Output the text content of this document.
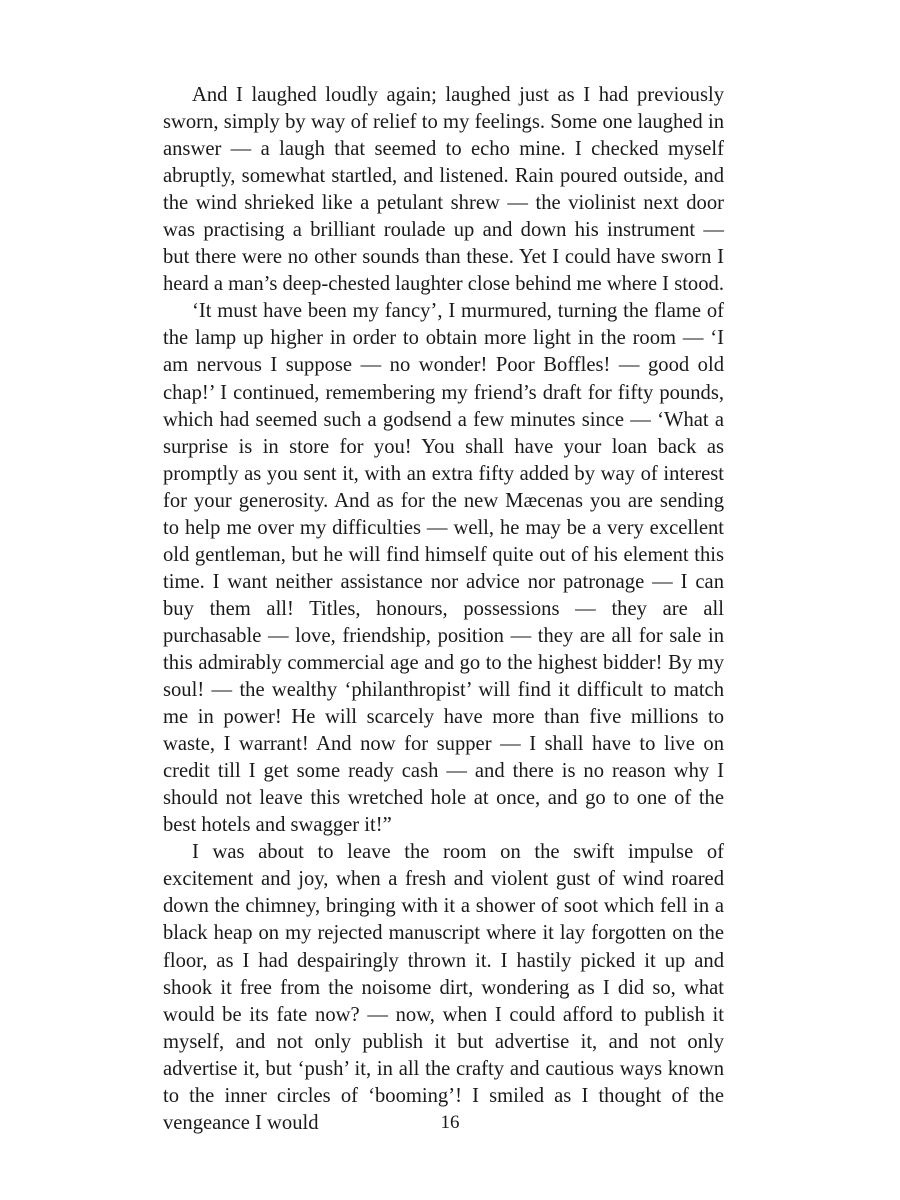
And I laughed loudly again; laughed just as I had previously sworn, simply by way of relief to my feelings. Some one laughed in answer — a laugh that seemed to echo mine. I checked myself abruptly, somewhat startled, and listened. Rain poured outside, and the wind shrieked like a petulant shrew — the violinist next door was practising a brilliant roulade up and down his instrument — but there were no other sounds than these. Yet I could have sworn I heard a man’s deep-chested laughter close behind me where I stood.

‘It must have been my fancy’, I murmured, turning the flame of the lamp up higher in order to obtain more light in the room — ‘I am nervous I suppose — no wonder! Poor Boffles! — good old chap!’ I continued, remembering my friend’s draft for fifty pounds, which had seemed such a godsend a few minutes since — ‘What a surprise is in store for you! You shall have your loan back as promptly as you sent it, with an extra fifty added by way of interest for your generosity. And as for the new Mæcenas you are sending to help me over my difficulties — well, he may be a very excellent old gentleman, but he will find himself quite out of his element this time. I want neither assistance nor advice nor patronage — I can buy them all! Titles, honours, possessions — they are all purchasable — love, friendship, position — they are all for sale in this admirably commercial age and go to the highest bidder! By my soul! — the wealthy ‘philanthropist’ will find it difficult to match me in power! He will scarcely have more than five millions to waste, I warrant! And now for supper — I shall have to live on credit till I get some ready cash — and there is no reason why I should not leave this wretched hole at once, and go to one of the best hotels and swagger it!”

I was about to leave the room on the swift impulse of excitement and joy, when a fresh and violent gust of wind roared down the chimney, bringing with it a shower of soot which fell in a black heap on my rejected manuscript where it lay forgotten on the floor, as I had despairingly thrown it. I hastily picked it up and shook it free from the noisome dirt, wondering as I did so, what would be its fate now? — now, when I could afford to publish it myself, and not only publish it but advertise it, and not only advertise it, but ‘push’ it, in all the crafty and cautious ways known to the inner circles of ‘booming’! I smiled as I thought of the vengeance I would	16
